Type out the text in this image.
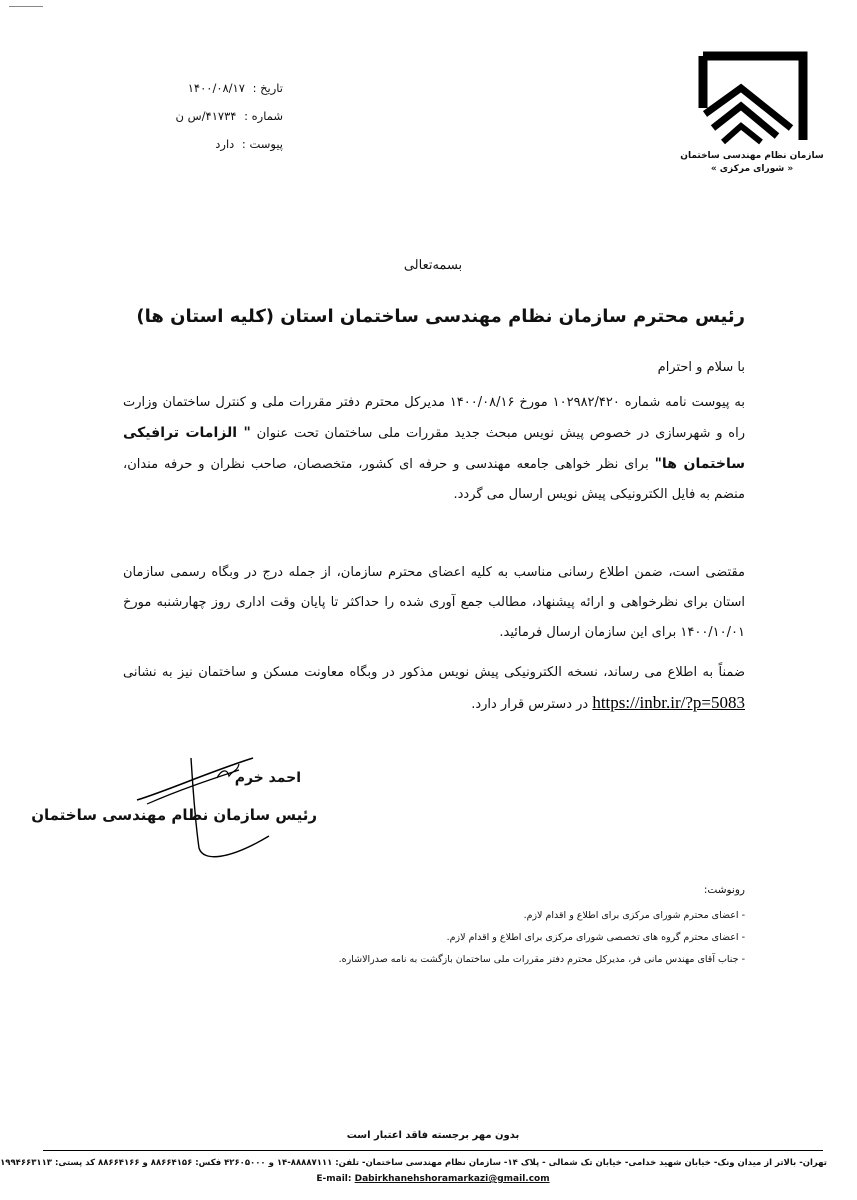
سازمان نظام مهندسی ساختمان
« شورای مرکزی »
تاریخ : ۱۴۰۰/۰۸/۱۷
شماره : ۴۱۷۳۴/س ن
پیوست : دارد
بسمه‌تعالی
رئیس محترم سازمان نظام مهندسی ساختمان استان (کلیه استان ها)
با سلام و احترام
به پیوست نامه شماره ۱۰۲۹۸۲/۴۲۰ مورخ ۱۴۰۰/۰۸/۱۶ مدیرکل محترم دفتر مقررات ملی و کنترل ساختمان وزارت راه و شهرسازی در خصوص پیش نویس مبحث جدید مقررات ملی ساختمان تحت عنوان " الزامات ترافیکی ساختمان ها" برای نظر خواهی جامعه مهندسی و حرفه ای کشور، متخصصان، صاحب نظران و حرفه مندان، منضم به فایل الکترونیکی پیش نویس ارسال می گردد.
مقتضی است، ضمن اطلاع رسانی مناسب به کلیه اعضای محترم سازمان، از جمله درج در وبگاه رسمی سازمان استان برای نظرخواهی و ارائه پیشنهاد، مطالب جمع آوری شده را حداکثر تا پایان وقت اداری روز چهارشنبه مورخ ۱۴۰۰/۱۰/۰۱ برای این سازمان ارسال فرمائید.
ضمناً به اطلاع می رساند، نسخه الکترونیکی پیش نویس مذکور در وبگاه معاونت مسکن و ساختمان نیز به نشانی https://inbr.ir/?p=5083 در دسترس قرار دارد.
احمد خرم
رئیس سازمان نظام مهندسی ساختمان
رونوشت:
- اعضای محترم شورای مرکزی برای اطلاع و اقدام لازم.
- اعضای محترم گروه های تخصصی شورای مرکزی برای اطلاع و اقدام لازم.
- جناب آقای مهندس مانی فر، مدیرکل محترم دفتر مقررات ملی ساختمان بازگشت به نامه صدرالاشاره.
بدون مهر برجسته فاقد اعتبار است
تهران- بالاتر از میدان ونک- خیابان شهید خدامی- خیابان تک شمالی - پلاک ۱۴- سازمان نظام مهندسی ساختمان- تلفن: ۸۸۸۸۷۱۱۱-۱۴ و ۴۲۶۰۵۰۰۰ فکس: ۸۸۶۶۴۱۵۶ و ۸۸۶۶۴۱۶۶ کد پستی: ۱۹۹۴۶۶۳۱۱۳
E-mail: Dabirkhanehshoramarkazi@gmail.com
